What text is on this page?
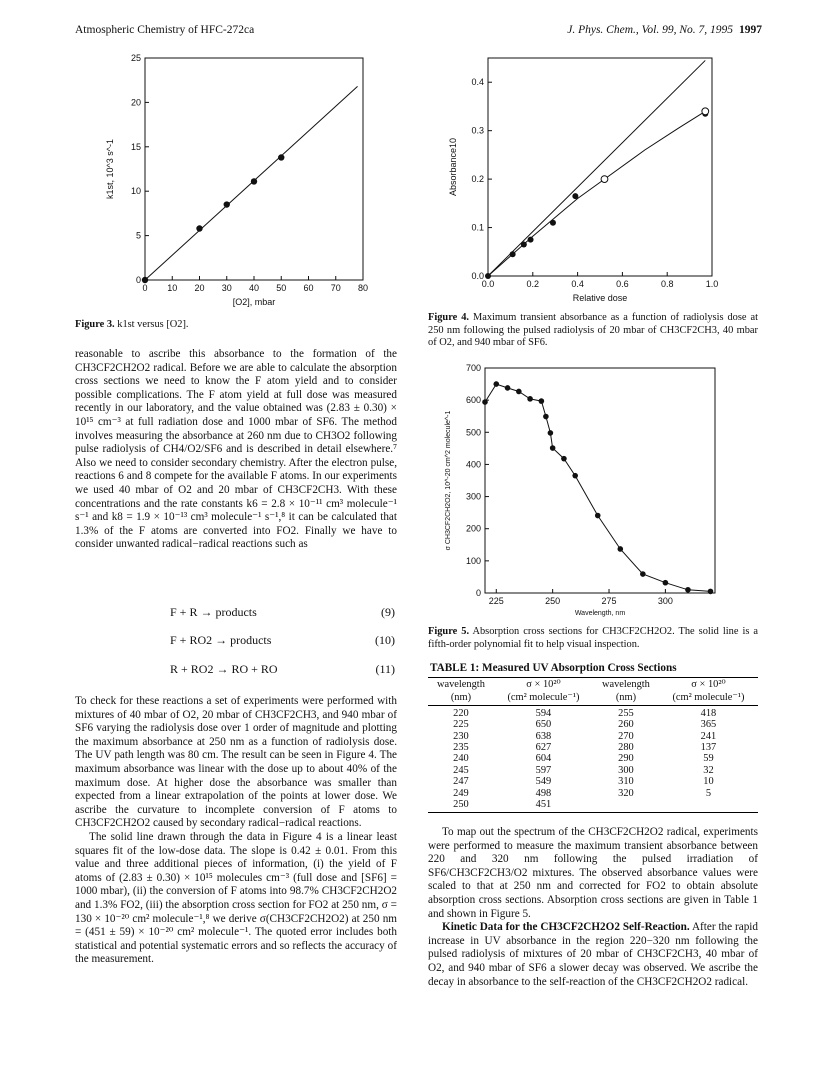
Atmospheric Chemistry of HFC-272ca	J. Phys. Chem., Vol. 99, No. 7, 1995 1997
0 10 20 30 40 50 60 70 80
0
5
10
15
20
25
[O2], mbar
k1st, 10^3 s^-1
Figure 3. k1st versus [O2].

reasonable to ascribe this absorbance to the formation of the CH3CF2CH2O2 radical. Before we are able to calculate the absorption cross sections we need to know the F atom yield and to consider possible complications. The F atom yield at full dose was measured recently in our laboratory, and the value obtained was (2.83 ± 0.30) × 10¹⁵ cm⁻³ at full radiation dose and 1000 mbar of SF6. The method involves measuring the absorbance at 260 nm due to CH3O2 following pulse radiolysis of CH4/O2/SF6 and is described in detail elsewhere.⁷ Also we need to consider secondary chemistry. After the electron pulse, reactions 6 and 8 compete for the available F atoms. In our experiments we used 40 mbar of O2 and 20 mbar of CH3CF2CH3. With these concentrations and the rate constants k6 = 2.8 × 10⁻¹¹ cm³ molecule⁻¹ s⁻¹ and k8 = 1.9 × 10⁻¹³ cm³ molecule⁻¹ s⁻¹,⁸ it can be calculated that 1.3% of the F atoms are converted into FO2. Finally we have to consider unwanted radical−radical reactions such as

F + R → products	(9)
F + RO2 → products	(10)
R + RO2 → RO + RO	(11)

To check for these reactions a set of experiments were performed with mixtures of 40 mbar of O2, 20 mbar of CH3CF2CH3, and 940 mbar of SF6 varying the radiolysis dose over 1 order of magnitude and plotting the maximum absorbance at 250 nm as a function of radiolysis dose. The UV path length was 80 cm. The result can be seen in Figure 4. The maximum absorbance was linear with the dose up to about 40% of the maximum dose. At higher dose the absorbance was smaller than expected from a linear extrapolation of the points at lower dose. We ascribe the curvature to incomplete conversion of F atoms to CH3CF2CH2O2 caused by secondary radical−radical reactions.

The solid line drawn through the data in Figure 4 is a linear least squares fit of the low-dose data. The slope is 0.42 ± 0.01. From this value and three additional pieces of information, (i) the yield of F atoms of (2.83 ± 0.30) × 10¹⁵ molecules cm⁻³ (full dose and [SF6] = 1000 mbar), (ii) the conversion of F atoms into 98.7% CH3CF2CH2O2 and 1.3% FO2, (iii) the absorption cross section for FO2 at 250 nm, σ = 130 × 10⁻²⁰ cm² molecule⁻¹,⁸ we derive σ(CH3CF2CH2O2) at 250 nm = (451 ± 59) × 10⁻²⁰ cm² molecule⁻¹. The quoted error includes both statistical and potential systematic errors and so reflects the accuracy of the measurement.

0.0	0.2	0.4	0.6	0.8	1.0
0.0
0.1
0.2
0.3
0.4
Relative dose
Absorbance10
Figure 4. Maximum transient absorbance as a function of radiolysis dose at 250 nm following the pulsed radiolysis of 20 mbar of CH3CF2CH3, 40 mbar of O2, and 940 mbar of SF6.
225	250	275	300
0
100
200
300
400
500
600
700
Wavelength, nm
σ CH3CF2CH2O2, 10^-20 cm^2 molecule^-1
Figure 5. Absorption cross sections for CH3CF2CH2O2. The solid line is a fifth-order polynomial fit to help visual inspection.
TABLE 1: Measured UV Absorption Cross Sections
wavelength	σ × 10²⁰	wavelength	σ × 10²⁰
(nm)	(cm² molecule⁻¹)	(nm)	(cm² molecule⁻¹)
220	594	255	418
225	650	260	365
230	638	270	241
235	627	280	137
240	604	290	59
245	597	300	32
247	549	310	10
249	498	320	5
250	451		

To map out the spectrum of the CH3CF2CH2O2 radical, experiments were performed to measure the maximum transient absorbance between 220 and 320 nm following the pulsed irradiation of SF6/CH3CF2CH3/O2 mixtures. The observed absorbance values were scaled to that at 250 nm and corrected for FO2 to obtain absolute absorption cross sections. Absorption cross sections are given in Table 1 and shown in Figure 5.

Kinetic Data for the CH3CF2CH2O2 Self-Reaction. After the rapid increase in UV absorbance in the region 220−320 nm following the pulsed radiolysis of mixtures of 20 mbar of CH3CF2CH3, 40 mbar of O2, and 940 mbar of SF6 a slower decay was observed. We ascribe the decay in absorbance to the self-reaction of the CH3CF2CH2O2 radical.
